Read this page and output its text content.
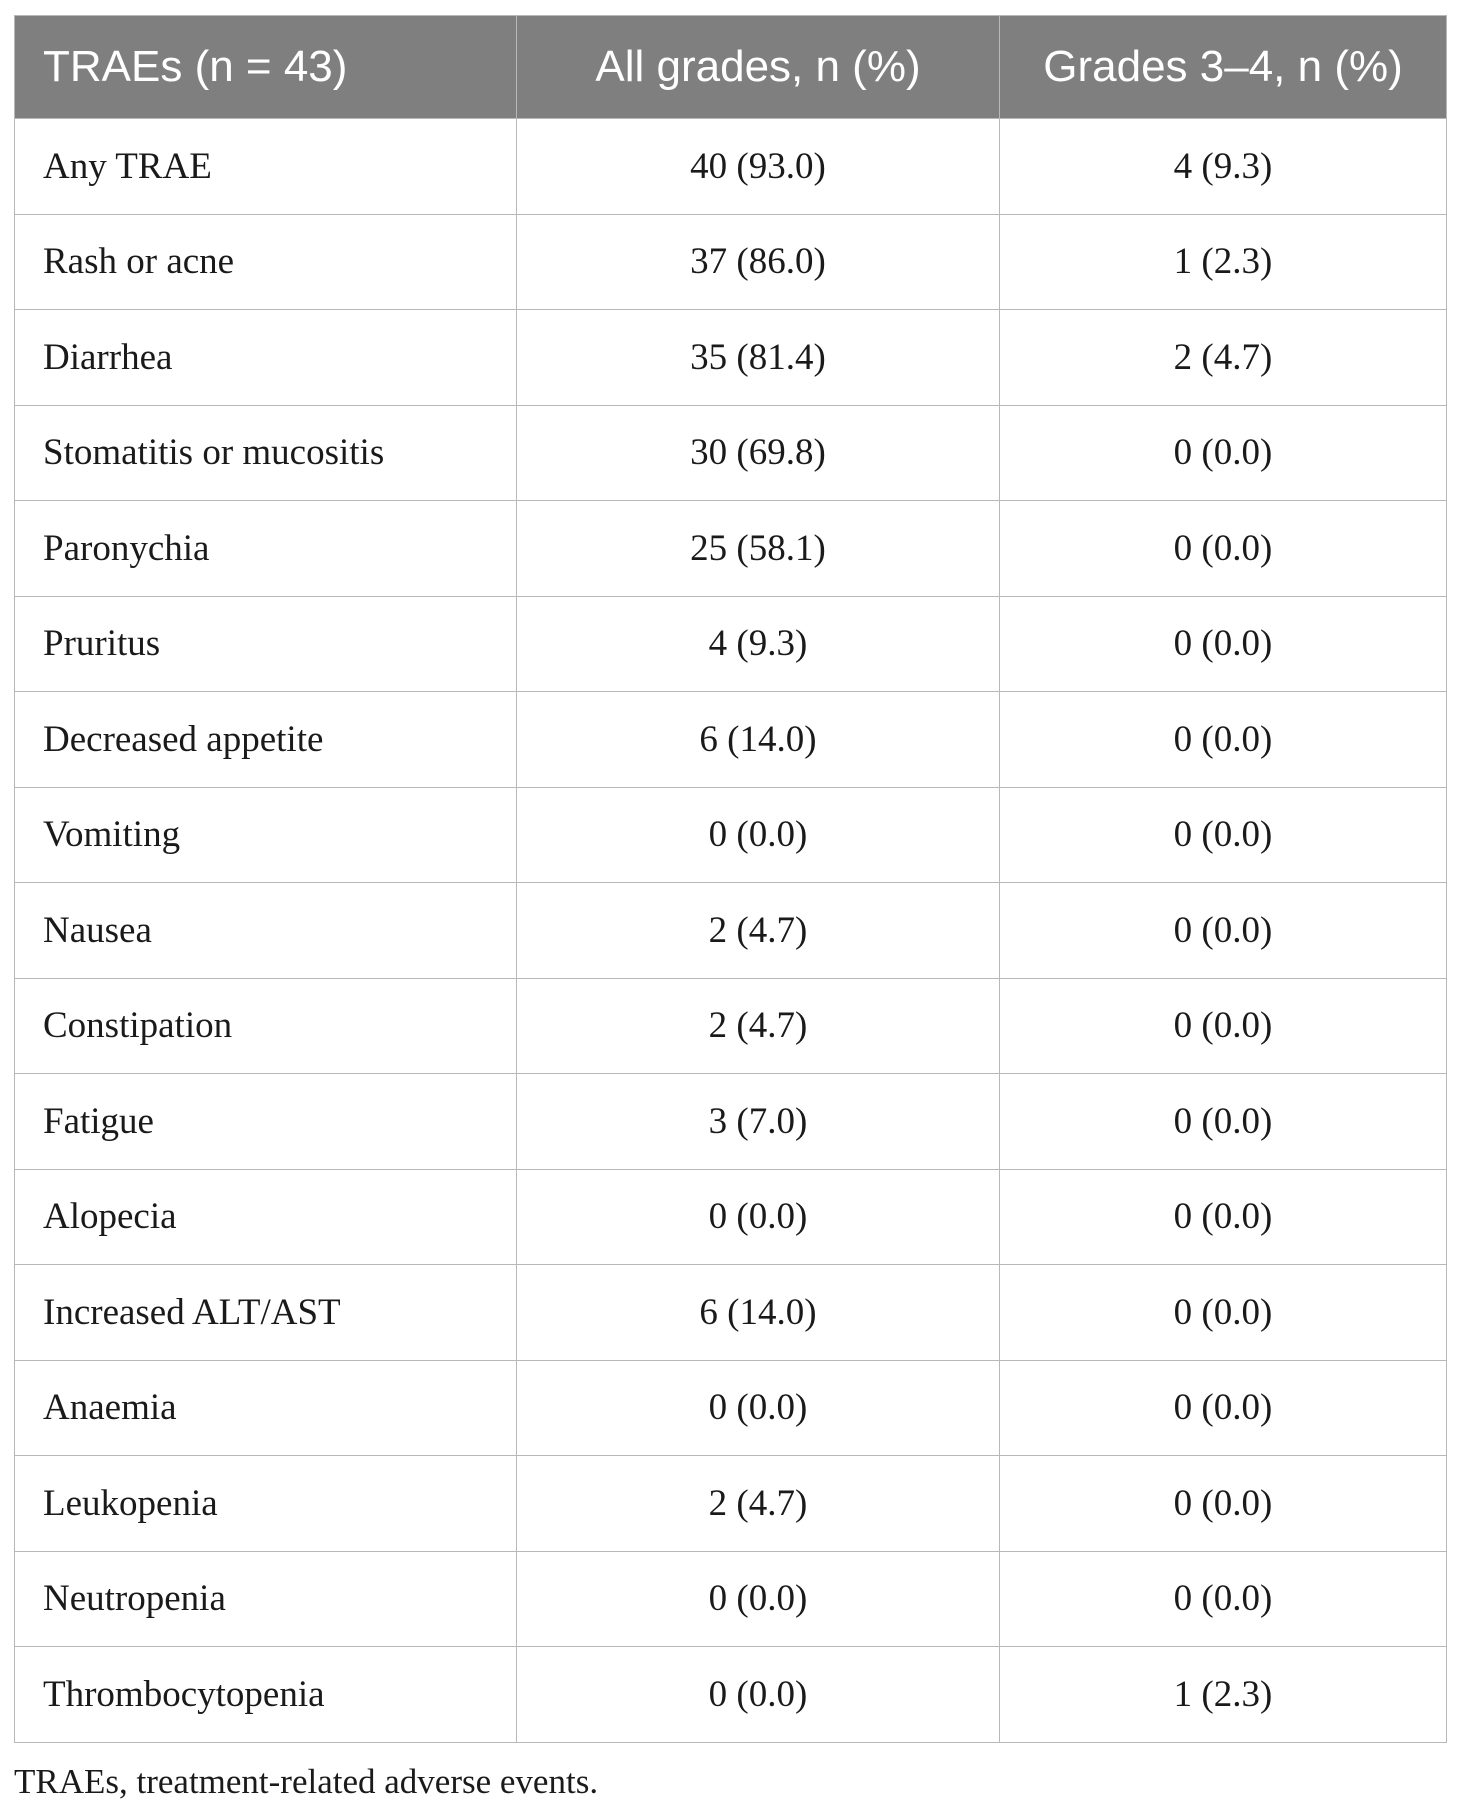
TRAEs (n = 43)	All grades, n (%)	Grades 3–4, n (%)
Any TRAE	40 (93.0)	4 (9.3)
Rash or acne	37 (86.0)	1 (2.3)
Diarrhea	35 (81.4)	2 (4.7)
Stomatitis or mucositis	30 (69.8)	0 (0.0)
Paronychia	25 (58.1)	0 (0.0)
Pruritus	4 (9.3)	0 (0.0)
Decreased appetite	6 (14.0)	0 (0.0)
Vomiting	0 (0.0)	0 (0.0)
Nausea	2 (4.7)	0 (0.0)
Constipation	2 (4.7)	0 (0.0)
Fatigue	3 (7.0)	0 (0.0)
Alopecia	0 (0.0)	0 (0.0)
Increased ALT/AST	6 (14.0)	0 (0.0)
Anaemia	0 (0.0)	0 (0.0)
Leukopenia	2 (4.7)	0 (0.0)
Neutropenia	0 (0.0)	0 (0.0)
Thrombocytopenia	0 (0.0)	1 (2.3)
TRAEs, treatment-related adverse events.
